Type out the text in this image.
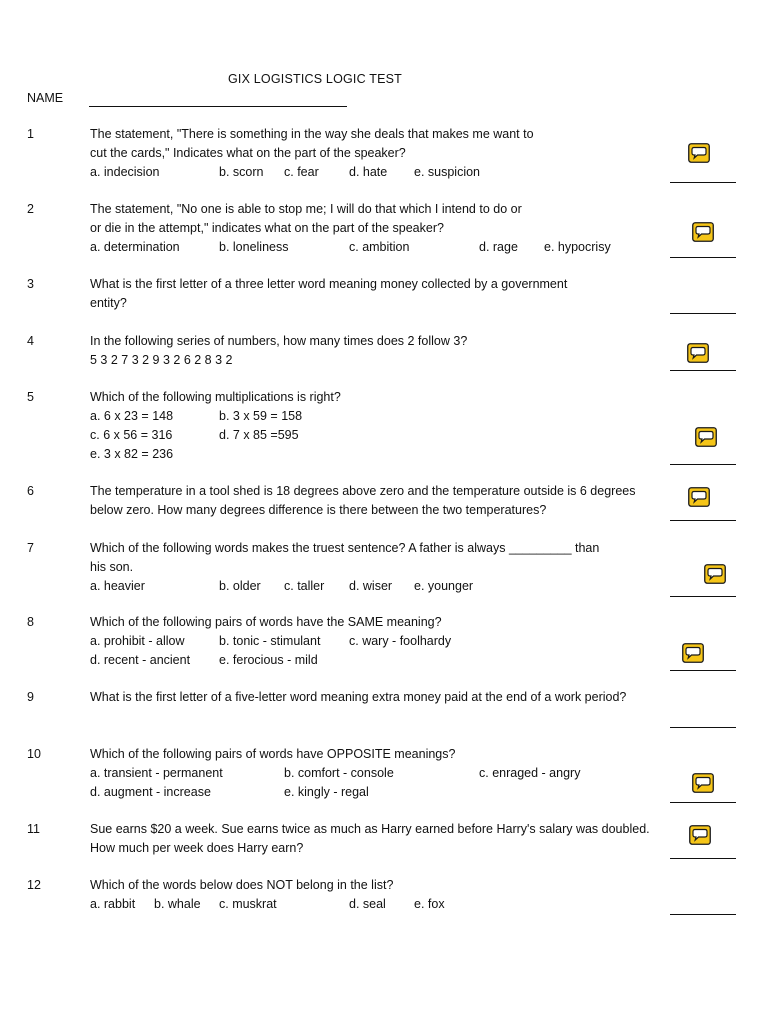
GIX LOGISTICS LOGIC TEST
NAME
1	The statement, "There is something in the way she deals that makes me want to
cut the cards," Indicates what on the part of the speaker?
a. indecision	b. scorn c. fear d. hate e. suspicion
2	The statement, "No one is able to stop me; I will do that which I intend to do or
or die in the attempt," indicates what on the part of the speaker?
a. determination	b. loneliness	c. ambition	d. rage e. hypocrisy
3	What is the first letter of a three letter word meaning money collected by a government
entity?
4	In the following series of numbers, how many times does 2 follow 3?
5 3 2 7 3 2 9 3 2 6 2 8 3 2
5	Which of the following multiplications is right?
a. 6 x 23 = 148	b. 3 x 59 = 158
c. 6 x 56 = 316	d. 7 x 85 =595
e. 3 x 82 = 236
6	The temperature in a tool shed is 18 degrees above zero and the temperature outside is 6 degrees
below zero. How many degrees difference is there between the two temperatures?
7	Which of the following words makes the truest sentence? A father is always _________ than
his son.
a. heavier	b. older c. taller d. wiser e. younger
8	Which of the following pairs of words have the SAME meaning?
a. prohibit - allow	b. tonic - stimulant c. wary - foolhardy
d. recent - ancient e. ferocious - mild
9	What is the first letter of a five-letter word meaning extra money paid at the end of a work period?
10	Which of the following pairs of words have OPPOSITE meanings?
a. transient - permanent	b. comfort - console	c. enraged - angry
d. augment - increase	e. kingly - regal
11	Sue earns $20 a week. Sue earns twice as much as Harry earned before Harry's salary was doubled.
How much per week does Harry earn?
12	Which of the words below does NOT belong in the list?
a. rabbit b. whale c. muskrat	d. seal e. fox
